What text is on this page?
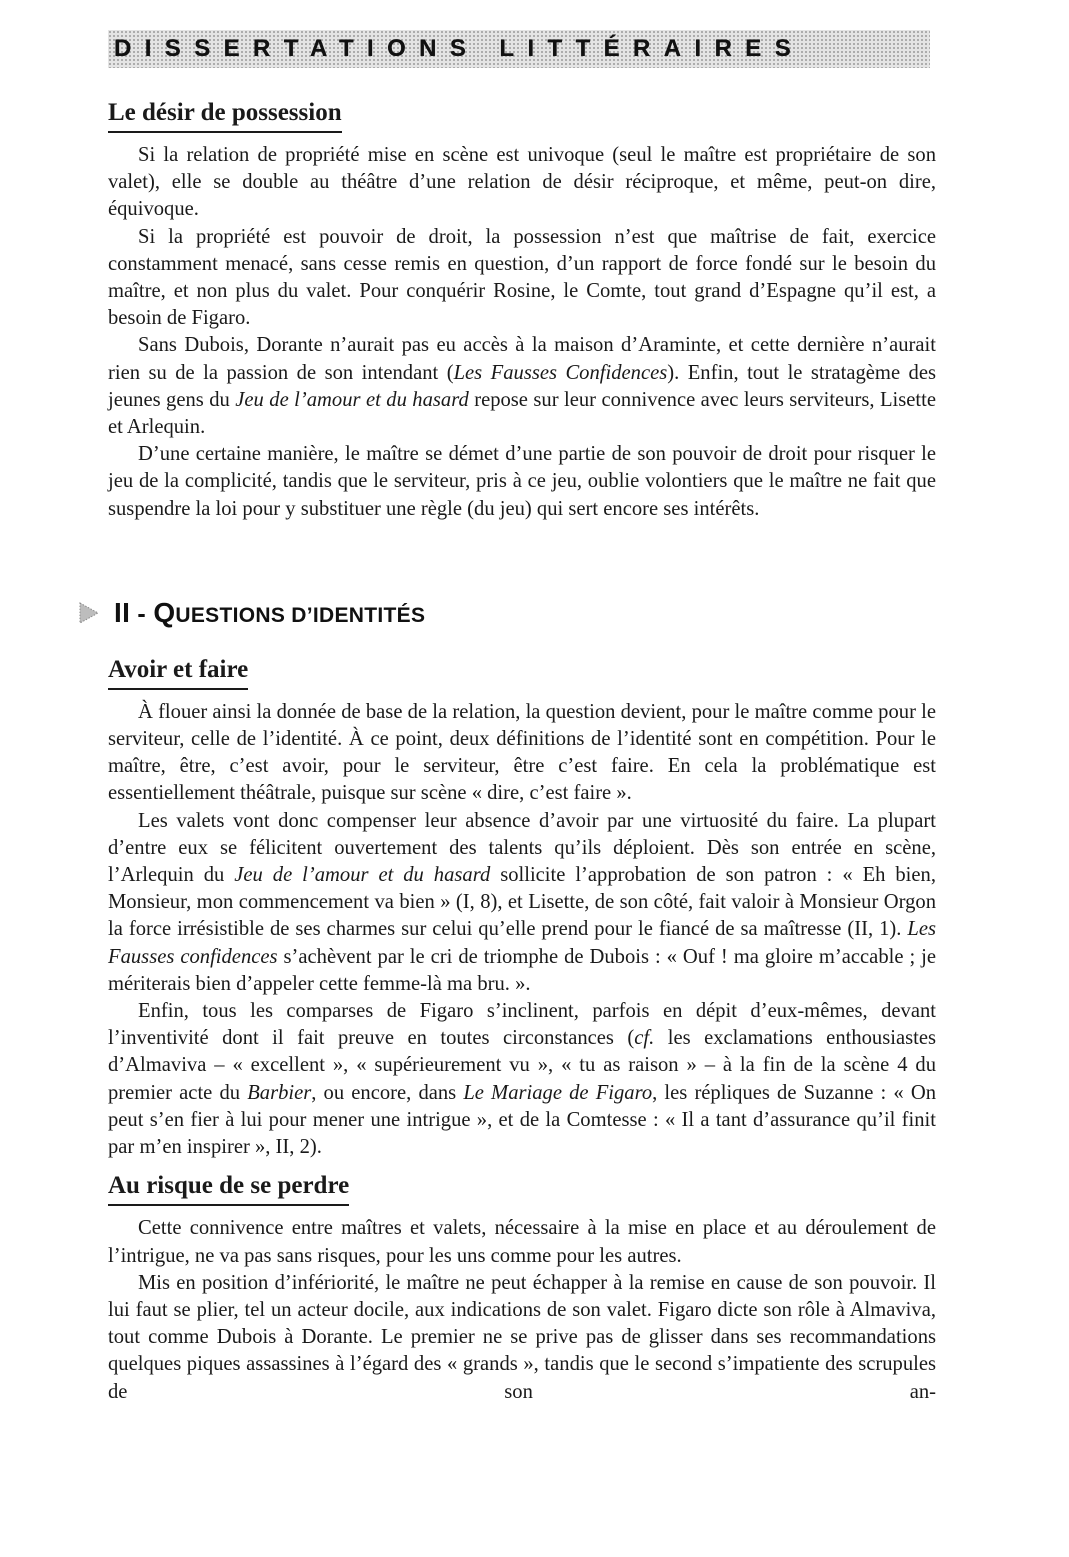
DISSERTATIONS LITTÉRAIRES
Le désir de possession

Si la relation de propriété mise en scène est univoque (seul le maître est propriétaire de son valet), elle se double au théâtre d’une relation de désir réciproque, et même, peut-on dire, équivoque.

Si la propriété est pouvoir de droit, la possession n’est que maîtrise de fait, exercice constamment menacé, sans cesse remis en question, d’un rapport de force fondé sur le besoin du maître, et non plus du valet. Pour conquérir Rosine, le Comte, tout grand d’Espagne qu’il est, a besoin de Figaro.

Sans Dubois, Dorante n’aurait pas eu accès à la maison d’Araminte, et cette dernière n’aurait rien su de la passion de son intendant (Les Fausses Confidences). Enfin, tout le stratagème des jeunes gens du Jeu de l’amour et du hasard repose sur leur connivence avec leurs serviteurs, Lisette et Arlequin.

D’une certaine manière, le maître se démet d’une partie de son pouvoir de droit pour risquer le jeu de la complicité, tandis que le serviteur, pris à ce jeu, oublie volontiers que le maître ne fait que suspendre la loi pour y substituer une règle (du jeu) qui sert encore ses intérêts.

II - QUESTIONS D’IDENTITÉS
Avoir et faire

À flouer ainsi la donnée de base de la relation, la question devient, pour le maître comme pour le serviteur, celle de l’identité. À ce point, deux définitions de l’identité sont en compétition. Pour le maître, être, c’est avoir, pour le serviteur, être c’est faire. En cela la problématique est essentiellement théâtrale, puisque sur scène « dire, c’est faire ».

Les valets vont donc compenser leur absence d’avoir par une virtuosité du faire. La plupart d’entre eux se félicitent ouvertement des talents qu’ils déploient. Dès son entrée en scène, l’Arlequin du Jeu de l’amour et du hasard sollicite l’approbation de son patron : « Eh bien, Monsieur, mon commencement va bien » (I, 8), et Lisette, de son côté, fait valoir à Monsieur Orgon la force irrésistible de ses charmes sur celui qu’elle prend pour le fiancé de sa maîtresse (II, 1). Les Fausses confidences s’achèvent par le cri de triomphe de Dubois : « Ouf ! ma gloire m’accable ; je mériterais bien d’appeler cette femme-là ma bru. ».

Enfin, tous les comparses de Figaro s’inclinent, parfois en dépit d’eux-mêmes, devant l’inventivité dont il fait preuve en toutes circonstances (cf. les exclamations enthousiastes d’Almaviva – « excellent », « supérieurement vu », « tu as raison » – à la fin de la scène 4 du premier acte du Barbier, ou encore, dans Le Mariage de Figaro, les répliques de Suzanne : « On peut s’en fier à lui pour mener une intrigue », et de la Comtesse : « Il a tant d’assurance qu’il finit par m’en inspirer », II, 2).

Au risque de se perdre

Cette connivence entre maîtres et valets, nécessaire à la mise en place et au déroulement de l’intrigue, ne va pas sans risques, pour les uns comme pour les autres.

Mis en position d’infériorité, le maître ne peut échapper à la remise en cause de son pouvoir. Il lui faut se plier, tel un acteur docile, aux indications de son valet. Figaro dicte son rôle à Almaviva, tout comme Dubois à Dorante. Le premier ne se prive pas de glisser dans ses recommandations quelques piques assassines à l’égard des « grands », tandis que le second s’impatiente des scrupules de son an-
